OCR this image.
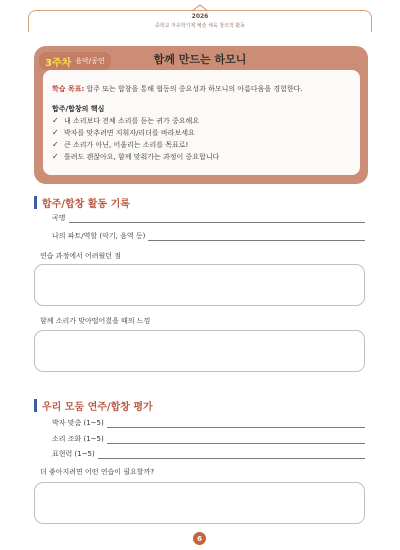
2026
중학교 자유학기제 예술 체육 창의적 활동
3주차 음악/공연	함께 만드는 하모니
학습 목표: 합주 또는 합창을 통해 협동의 중요성과 하모니의 아름다움을 경험한다.
합주/합창의 핵심
✓ 내 소리보다 전체 소리를 듣는 귀가 중요해요
✓ 박자를 맞추려면 지휘자/리더를 바라보세요
✓ 큰 소리가 아닌, 어울리는 소리를 목표로!
✓ 틀려도 괜찮아요, 함께 맞춰가는 과정이 중요합니다
합주/합창 활동 기록
곡명
나의 파트/역할 (악기, 음역 등)
연습 과정에서 어려웠던 점
함께 소리가 맞아떨어졌을 때의 느낌
우리 모둠 연주/합창 평가
박자 맞춤 (1~5)
소리 조화 (1~5)
표현력 (1~5)
더 좋아지려면 어떤 연습이 필요할까?
6
